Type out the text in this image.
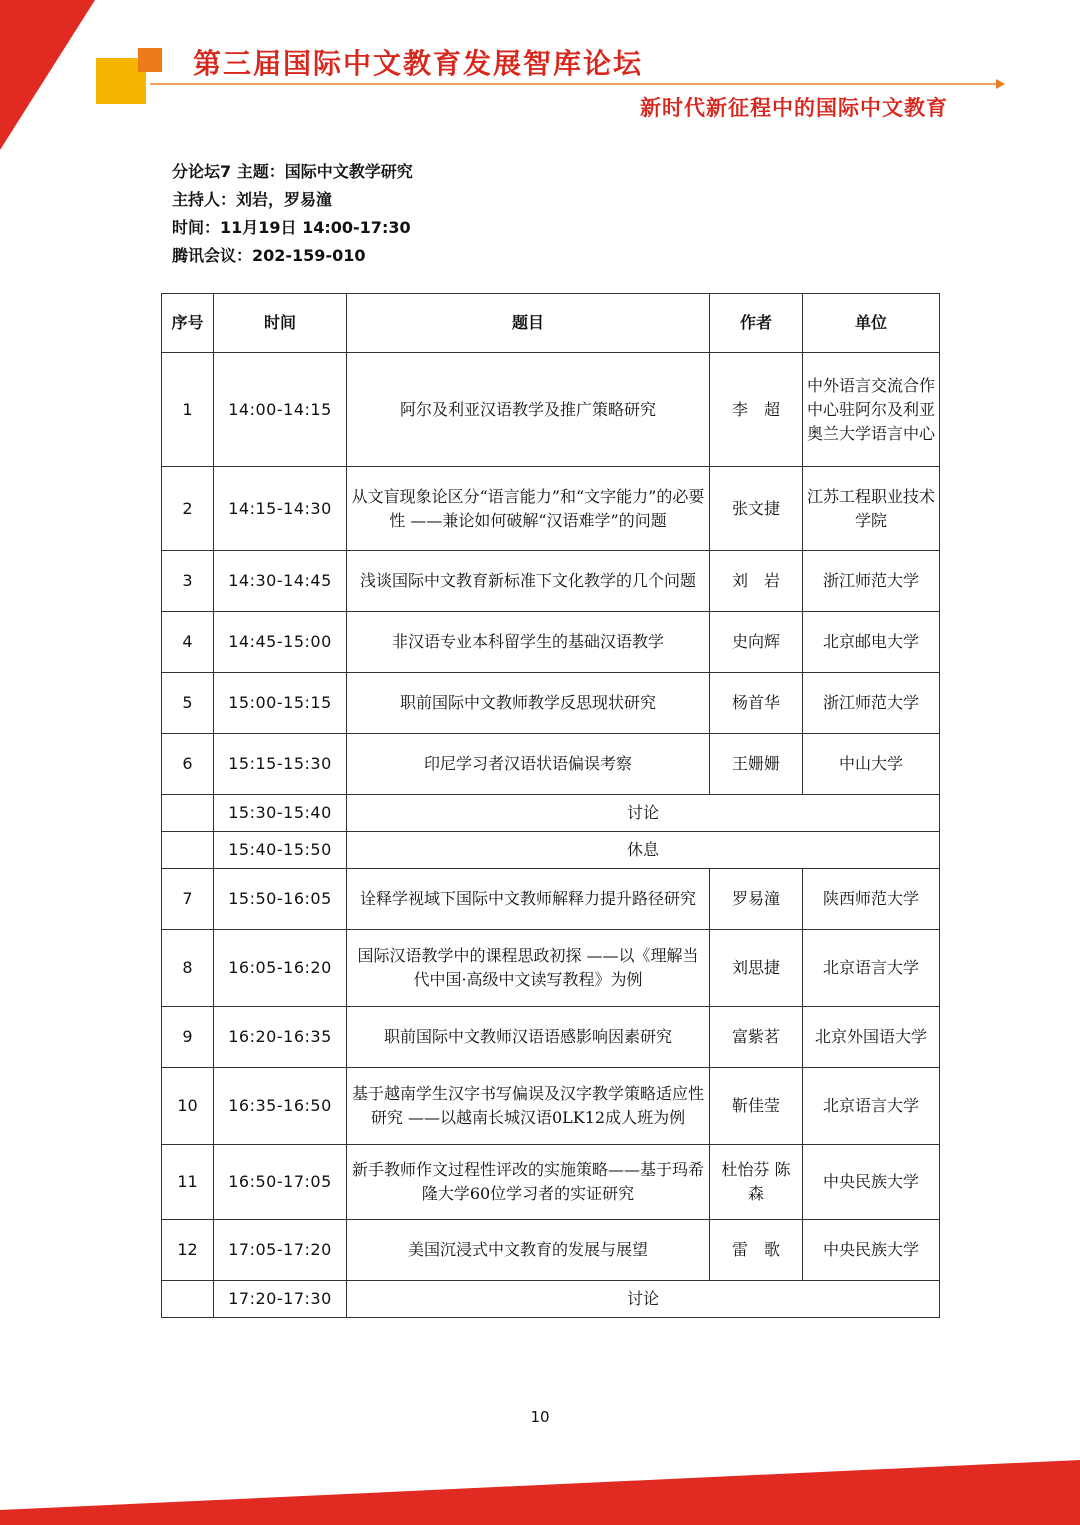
第三届国际中文教育发展智库论坛
新时代新征程中的国际中文教育
分论坛7 主题：国际中文教学研究
主持人：刘岩，罗易潼
时间：11月19日 14:00-17:30
腾讯会议：202-159-010
序号	时间	题目	作者	单位
1	14:00-14:15	阿尔及利亚汉语教学及推广策略研究	李　超	中外语言交流合作中心驻阿尔及利亚奥兰大学语言中心
2	14:15-14:30	从文盲现象论区分“语言能力”和“文字能力”的必要性 ——兼论如何破解“汉语难学”的问题	张文捷	江苏工程职业技术学院
3	14:30-14:45	浅谈国际中文教育新标准下文化教学的几个问题	刘　岩	浙江师范大学
4	14:45-15:00	非汉语专业本科留学生的基础汉语教学	史向辉	北京邮电大学
5	15:00-15:15	职前国际中文教师教学反思现状研究	杨首华	浙江师范大学
6	15:15-15:30	印尼学习者汉语状语偏误考察	王姗姗	中山大学
	15:30-15:40	讨论		
	15:40-15:50	休息		
7	15:50-16:05	诠释学视域下国际中文教师解释力提升路径研究	罗易潼	陕西师范大学
8	16:05-16:20	国际汉语教学中的课程思政初探 ——以《理解当代中国·高级中文读写教程》为例	刘思捷	北京语言大学
9	16:20-16:35	职前国际中文教师汉语语感影响因素研究	富紫茗	北京外国语大学
10	16:35-16:50	基于越南学生汉字书写偏误及汉字教学策略适应性研究 ——以越南长城汉语0LK12成人班为例	靳佳莹	北京语言大学
11	16:50-17:05	新手教师作文过程性评改的实施策略——基于玛希隆大学60位学习者的实证研究	杜怡芬 陈　森	中央民族大学
12	17:05-17:20	美国沉浸式中文教育的发展与展望	雷　歌	中央民族大学
	17:20-17:30	讨论		
10
